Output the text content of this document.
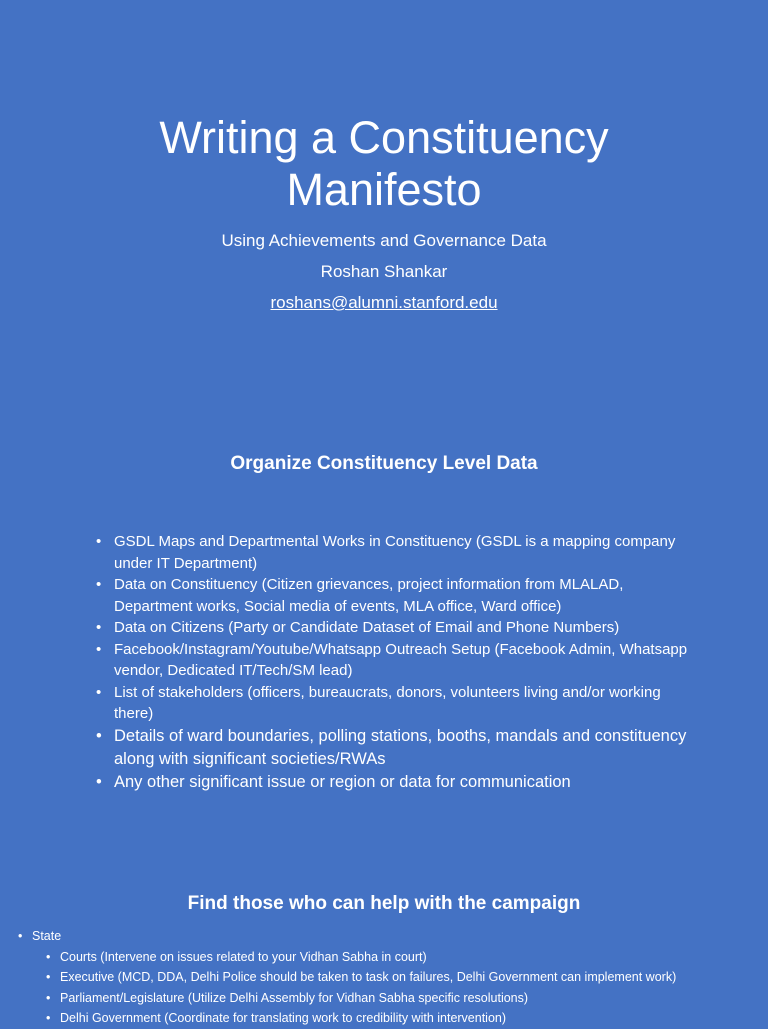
Writing a Constituency
Manifesto
Using Achievements and Governance Data
Roshan Shankar
roshans@alumni.stanford.edu
Organize Constituency Level Data
• GSDL Maps and Departmental Works in Constituency (GSDL is a mapping company under IT Department)
• Data on Constituency (Citizen grievances, project information from MLALAD, Department works, Social media of events, MLA office, Ward office)
• Data on Citizens (Party or Candidate Dataset of Email and Phone Numbers)
• Facebook/Instagram/Youtube/Whatsapp Outreach Setup (Facebook Admin, Whatsapp vendor, Dedicated IT/Tech/SM lead)
• List of stakeholders (officers, bureaucrats, donors, volunteers living and/or working there)
• Details of ward boundaries, polling stations, booths, mandals and constituency along with significant societies/RWAs
• Any other significant issue or region or data for communication
Find those who can help with the campaign
• State
• Courts (Intervene on issues related to your Vidhan Sabha in court)
• Executive (MCD, DDA, Delhi Police should be taken to task on failures, Delhi Government can implement work)
• Parliament/Legislature (Utilize Delhi Assembly for Vidhan Sabha specific resolutions)
• Delhi Government (Coordinate for translating work to credibility with intervention)
